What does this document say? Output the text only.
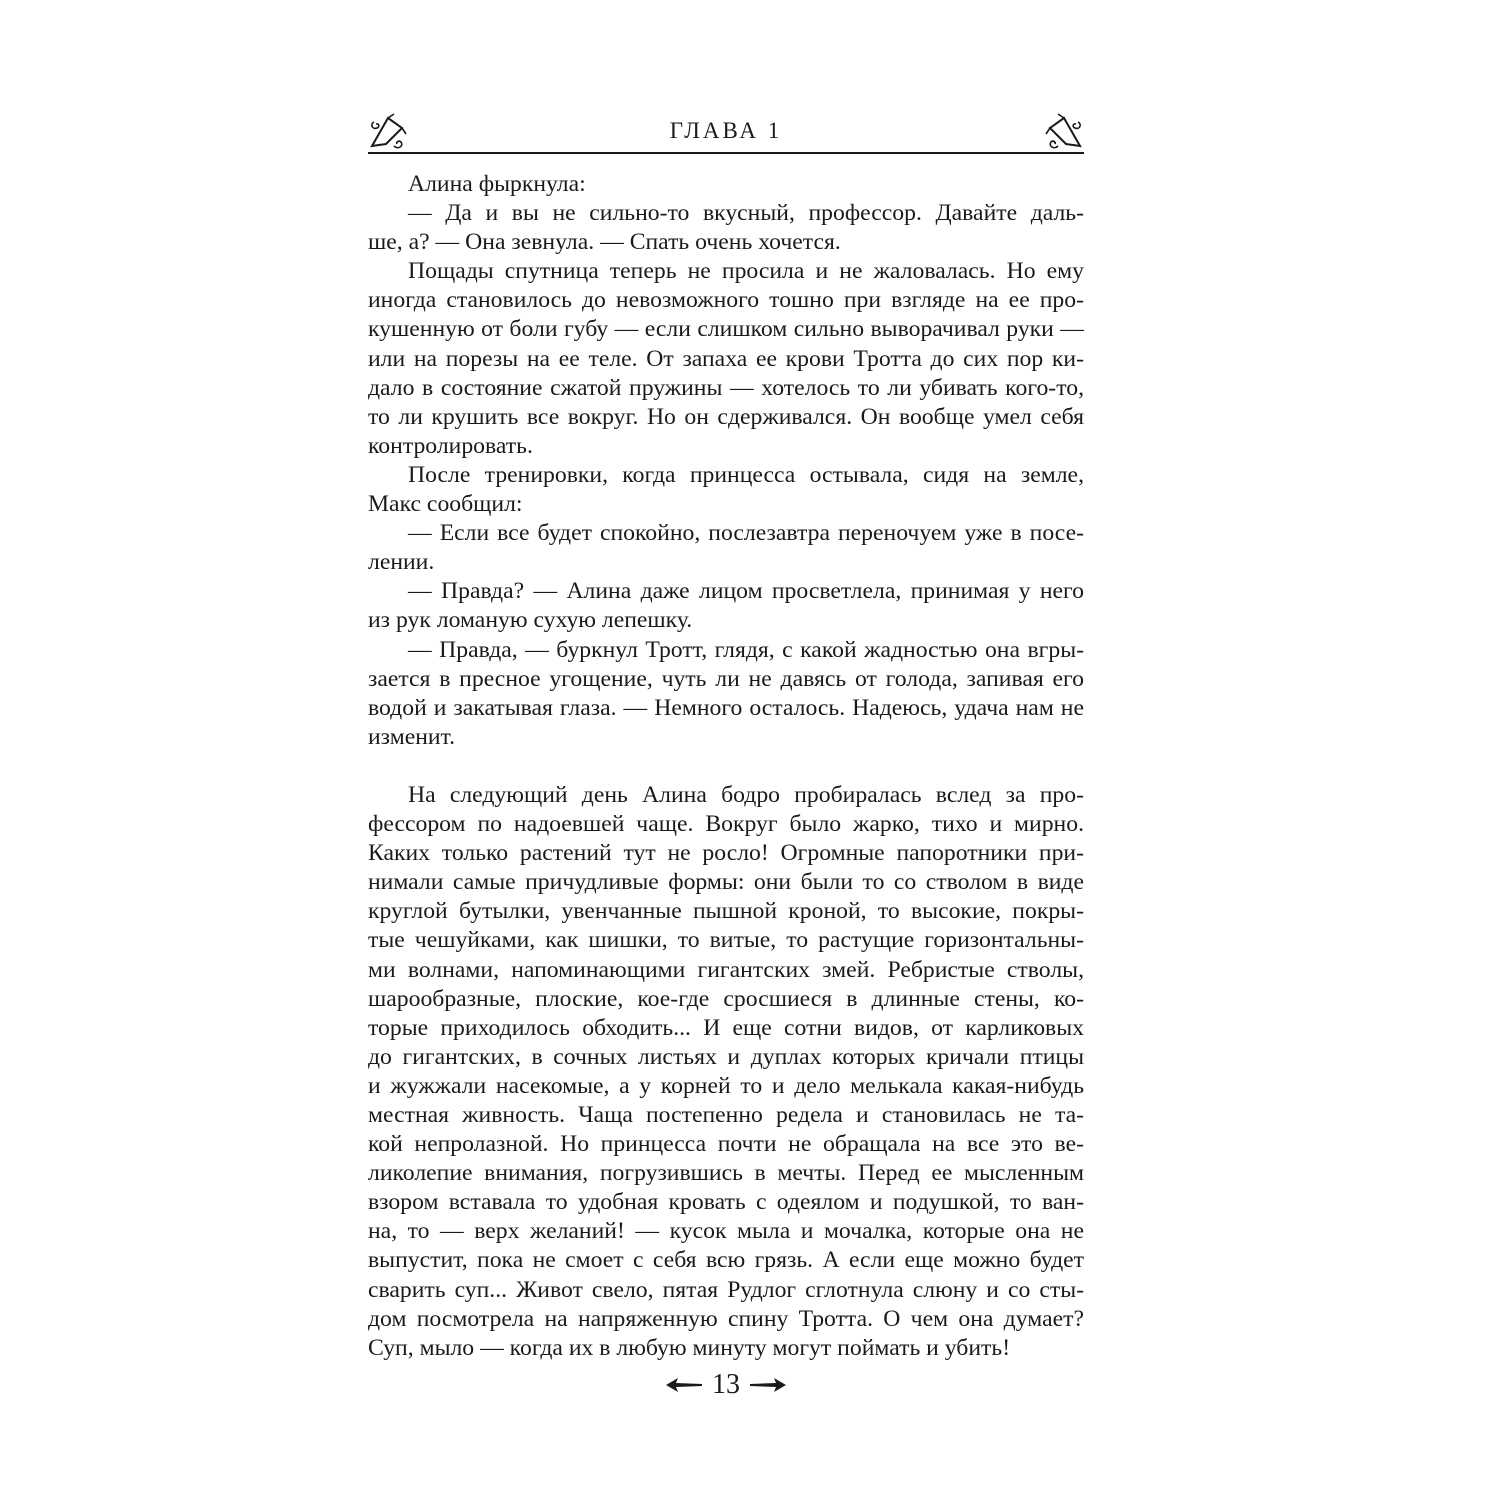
ГЛАВА 1
Алина фыркнула:
— Да и вы не сильно-то вкусный, профессор. Давайте даль-
ше, а? — Она зевнула. — Спать очень хочется.
Пощады спутница теперь не просила и не жаловалась. Но ему
иногда становилось до невозможного тошно при взгляде на ее про-
кушенную от боли губу — если слишком сильно выворачивал руки —
или на порезы на ее теле. От запаха ее крови Тротта до сих пор ки-
дало в состояние сжатой пружины — хотелось то ли убивать кого-то,
то ли крушить все вокруг. Но он сдерживался. Он вообще умел себя
контролировать.
После тренировки, когда принцесса остывала, сидя на земле,
Макс сообщил:
— Если все будет спокойно, послезавтра переночуем уже в посе-
лении.
— Правда? — Алина даже лицом просветлела, принимая у него
из рук ломаную сухую лепешку.
— Правда, — буркнул Тротт, глядя, с какой жадностью она вгры-
зается в пресное угощение, чуть ли не давясь от голода, запивая его
водой и закатывая глаза. — Немного осталось. Надеюсь, удача нам не
изменит.
На следующий день Алина бодро пробиралась вслед за про-
фессором по надоевшей чаще. Вокруг было жарко, тихо и мирно.
Каких только растений тут не росло! Огромные папоротники при-
нимали самые причудливые формы: они были то со стволом в виде
круглой бутылки, увенчанные пышной кроной, то высокие, покры-
тые чешуйками, как шишки, то витые, то растущие горизонтальны-
ми волнами, напоминающими гигантских змей. Ребристые стволы,
шарообразные, плоские, кое-где сросшиеся в длинные стены, ко-
торые приходилось обходить... И еще сотни видов, от карликовых
до гигантских, в сочных листьях и дуплах которых кричали птицы
и жужжали насекомые, а у корней то и дело мелькала какая-нибудь
местная живность. Чаща постепенно редела и становилась не та-
кой непролазной. Но принцесса почти не обращала на все это ве-
ликолепие внимания, погрузившись в мечты. Перед ее мысленным
взором вставала то удобная кровать с одеялом и подушкой, то ван-
на, то — верх желаний! — кусок мыла и мочалка, которые она не
выпустит, пока не смоет с себя всю грязь. А если еще можно будет
сварить суп... Живот свело, пятая Рудлог сглотнула слюну и со сты-
дом посмотрела на напряженную спину Тротта. О чем она думает?
Суп, мыло — когда их в любую минуту могут поймать и убить!
13
